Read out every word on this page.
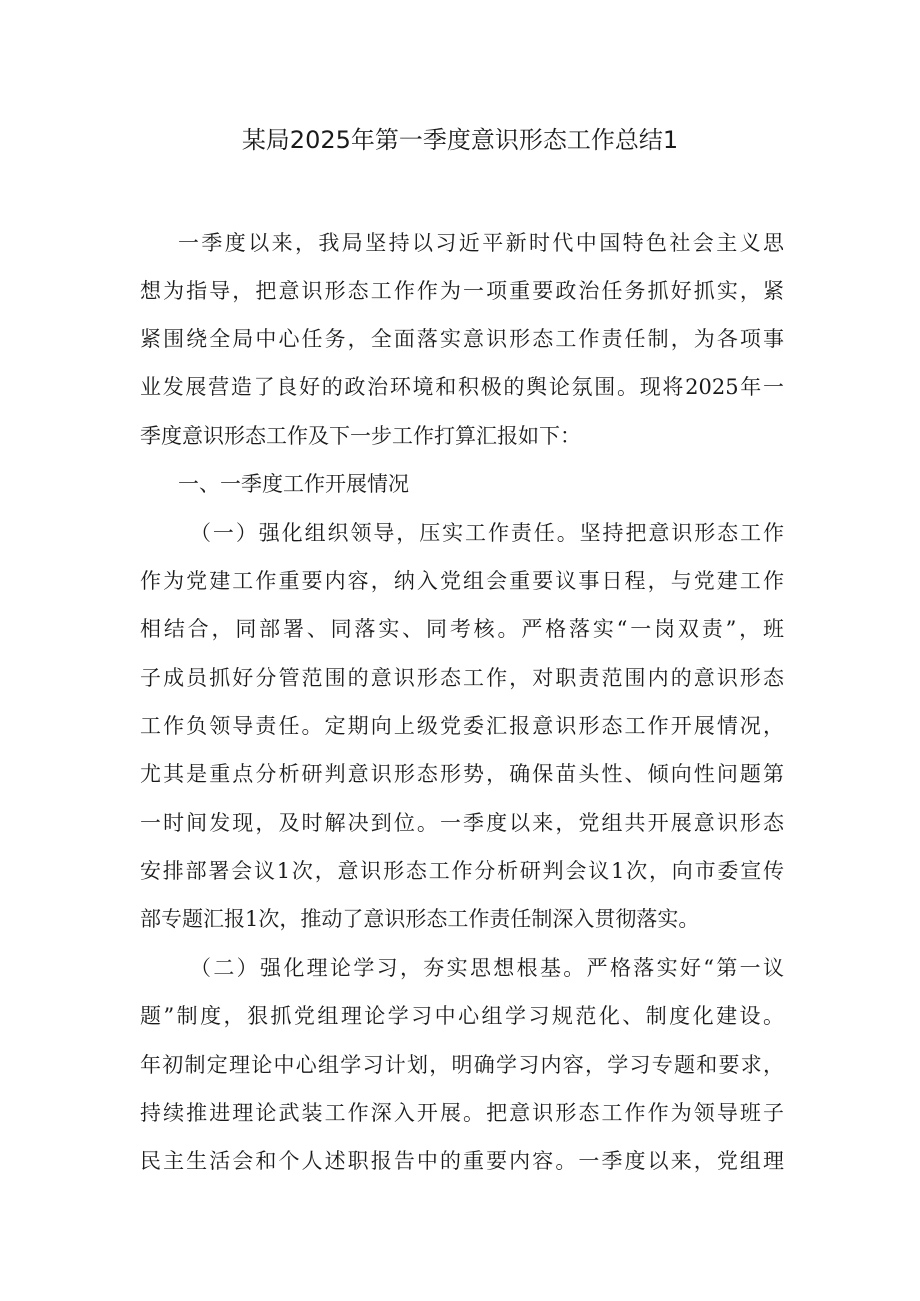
某局2025年第一季度意识形态工作总结1

一季度以来，我局坚持以习近平新时代中国特色社会主义思

想为指导，把意识形态工作作为一项重要政治任务抓好抓实，紧

紧围绕全局中心任务，全面落实意识形态工作责任制，为各项事

业发展营造了良好的政治环境和积极的舆论氛围。现将2025年一

季度意识形态工作及下一步工作打算汇报如下：

一、一季度工作开展情况

（一）强化组织领导，压实工作责任。坚持把意识形态工作

作为党建工作重要内容，纳入党组会重要议事日程，与党建工作

相结合，同部署、同落实、同考核。严格落实“一岗双责”，班

子成员抓好分管范围的意识形态工作，对职责范围内的意识形态

工作负领导责任。定期向上级党委汇报意识形态工作开展情况，

尤其是重点分析研判意识形态形势，确保苗头性、倾向性问题第

一时间发现，及时解决到位。一季度以来，党组共开展意识形态

安排部署会议1次，意识形态工作分析研判会议1次，向市委宣传

部专题汇报1次，推动了意识形态工作责任制深入贯彻落实。

（二）强化理论学习，夯实思想根基。严格落实好“第一议

题”制度，狠抓党组理论学习中心组学习规范化、制度化建设。

年初制定理论中心组学习计划，明确学习内容，学习专题和要求，

持续推进理论武装工作深入开展。把意识形态工作作为领导班子

民主生活会和个人述职报告中的重要内容。一季度以来，党组理
